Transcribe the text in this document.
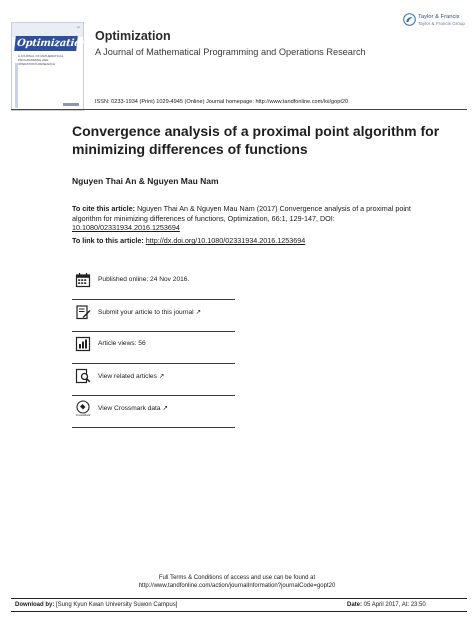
▪▪▪
Optimization
A JOURNAL OF MATHEMATICAL
PROGRAMMING AND
OPERATIONS RESEARCH
Taylor & Francis
Taylor & Francis Group
Optimization
A Journal of Mathematical Programming and Operations Research
ISSN: 0233-1934 (Print) 1029-4945 (Online) Journal homepage: http://www.tandfonline.com/loi/gopt20
Convergence analysis of a proximal point algorithm for minimizing differences of functions
Nguyen Thai An & Nguyen Mau Nam
To cite this article: Nguyen Thai An & Nguyen Mau Nam (2017) Convergence analysis of a proximal point algorithm for minimizing differences of functions, Optimization, 66:1, 129-147, DOI: 10.1080/02331934.2016.1253694
To link to this article: http://dx.doi.org/10.1080/02331934.2016.1253694
Published online: 24 Nov 2016.
Submit your article to this journal ↗
Article views: 56
View related articles ↗
CrossMark
View Crossmark data ↗
Full Terms & Conditions of access and use can be found at
http://www.tandfonline.com/action/journalInformation?journalCode=gopt20
Download by: [Sung Kyun Kwan University Suwon Campus]	Date: 05 April 2017, At: 23:50
